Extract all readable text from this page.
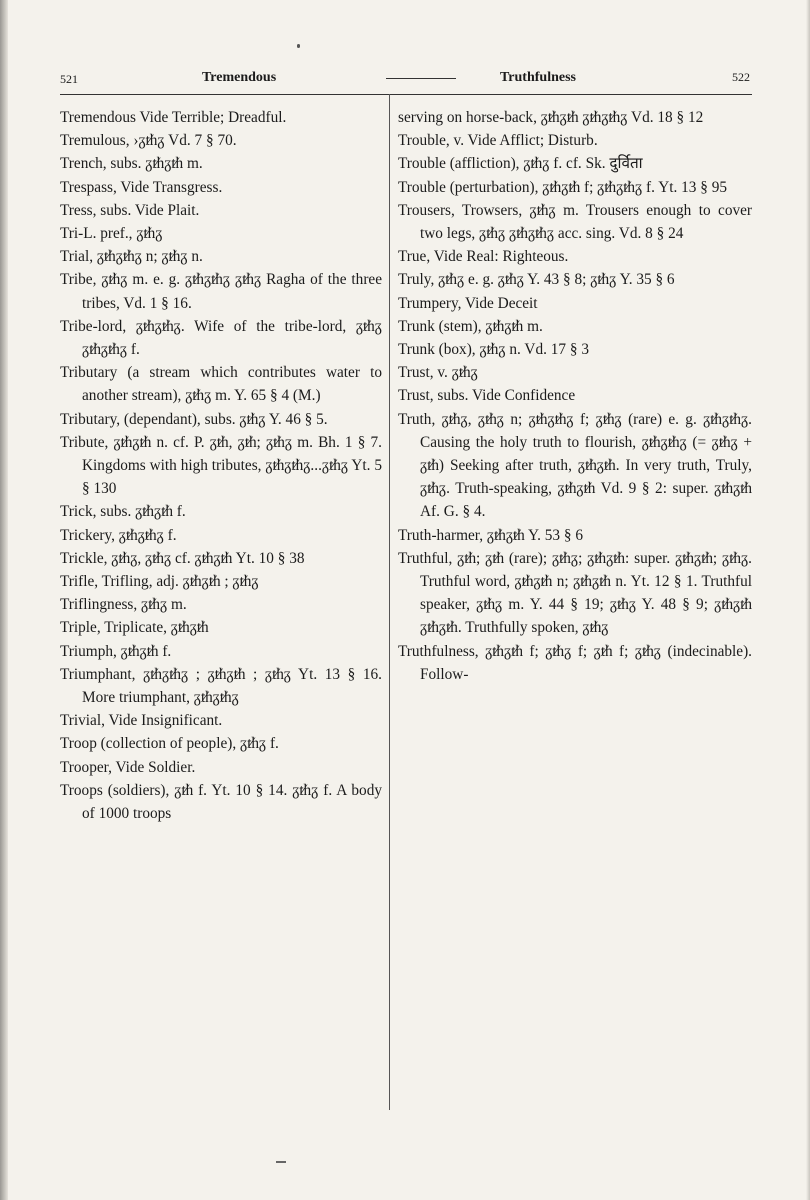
521	Tremendous	Truthfulness	522
Tremendous Vide Terrible; Dreadful.
Tremulous, ›ᵹᵺᵹ Vd. 7 § 70.
Trench, subs. ᵹᵺᵹᵺ m.
Trespass, Vide Transgress.
Tress, subs. Vide Plait.
Tri-L. pref., ᵹᵺᵹ
Trial, ᵹᵺᵹᵺᵹ n; ᵹᵺᵹ n.
Tribe, ᵹᵺᵹ m. e. g. ᵹᵺᵹᵺᵹ ᵹᵺᵹ Ragha of the three tribes, Vd. 1 § 16.
Tribe-lord, ᵹᵺᵹᵺᵹ. Wife of the tribe-lord, ᵹᵺᵹ ᵹᵺᵹᵺᵹ f.
Tributary (a stream which contributes water to another stream), ᵹᵺᵹ m. Y. 65 § 4 (M.)
Tributary, (dependant), subs. ᵹᵺᵹ Y. 46 § 5.
Tribute, ᵹᵺᵹᵺ n. cf. P. ᵹᵺ, ᵹᵺ; ᵹᵺᵹ m. Bh. 1 § 7. Kingdoms with high tributes, ᵹᵺᵹᵺᵹ...ᵹᵺᵹ Yt. 5 § 130
Trick, subs. ᵹᵺᵹᵺ f.
Trickery, ᵹᵺᵹᵺᵹ f.
Trickle, ᵹᵺᵹ, ᵹᵺᵹ cf. ᵹᵺᵹᵺ Yt. 10 § 38
Trifle, Trifling, adj. ᵹᵺᵹᵺ ; ᵹᵺᵹ
Triflingness, ᵹᵺᵹ m.
Triple, Triplicate, ᵹᵺᵹᵺ
Triumph, ᵹᵺᵹᵺ f.
Triumphant, ᵹᵺᵹᵺᵹ ; ᵹᵺᵹᵺ ; ᵹᵺᵹ Yt. 13 § 16. More triumphant, ᵹᵺᵹᵺᵹ
Trivial, Vide Insignificant.
Troop (collection of people), ᵹᵺᵹ f.
Trooper, Vide Soldier.
Troops (soldiers), ᵹᵺ f. Yt. 10 § 14. ᵹᵺᵹ f. A body of 1000 troops
serving on horse-back, ᵹᵺᵹᵺ ᵹᵺᵹᵺᵹ Vd. 18 § 12
Trouble, v. Vide Afflict; Disturb.
Trouble (affliction), ᵹᵺᵹ f. cf. Sk. दुर्विता
Trouble (perturbation), ᵹᵺᵹᵺ f; ᵹᵺᵹᵺᵹ f. Yt. 13 § 95
Trousers, Trowsers, ᵹᵺᵹ m. Trousers enough to cover two legs, ᵹᵺᵹ ᵹᵺᵹᵺᵹ acc. sing. Vd. 8 § 24
True, Vide Real: Righteous.
Truly, ᵹᵺᵹ e. g. ᵹᵺᵹ Y. 43 § 8; ᵹᵺᵹ Y. 35 § 6
Trumpery, Vide Deceit
Trunk (stem), ᵹᵺᵹᵺ m.
Trunk (box), ᵹᵺᵹ n. Vd. 17 § 3
Trust, v. ᵹᵺᵹ
Trust, subs. Vide Confidence
Truth, ᵹᵺᵹ, ᵹᵺᵹ n; ᵹᵺᵹᵺᵹ f; ᵹᵺᵹ (rare) e. g. ᵹᵺᵹᵺᵹ. Causing the holy truth to flourish, ᵹᵺᵹᵺᵹ (= ᵹᵺᵹ + ᵹᵺ) Seeking after truth, ᵹᵺᵹᵺ. In very truth, Truly, ᵹᵺᵹ. Truth-speaking, ᵹᵺᵹᵺ Vd. 9 § 2: super. ᵹᵺᵹᵺ Af. G. § 4.
Truth-harmer, ᵹᵺᵹᵺ Y. 53 § 6
Truthful, ᵹᵺ; ᵹᵺ (rare); ᵹᵺᵹ; ᵹᵺᵹᵺ: super. ᵹᵺᵹᵺ; ᵹᵺᵹ. Truthful word, ᵹᵺᵹᵺ n; ᵹᵺᵹᵺ n. Yt. 12 § 1. Truthful speaker, ᵹᵺᵹ m. Y. 44 § 19; ᵹᵺᵹ Y. 48 § 9; ᵹᵺᵹᵺ ᵹᵺᵹᵺ. Truthfully spoken, ᵹᵺᵹ
Truthfulness, ᵹᵺᵹᵺ f; ᵹᵺᵹ f; ᵹᵺ f; ᵹᵺᵹ (indecinable). Follow-
